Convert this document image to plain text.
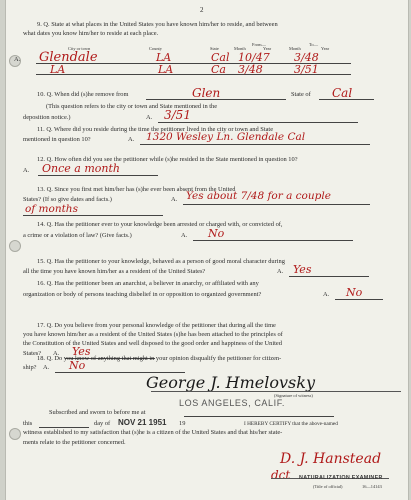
2
9. Q. State at what places in the United States you have known him/her to reside, and between
what dates you know him/her to reside at each place.
City or town	County	State	Month
From—
Year	Month
To—
Year
A. Glendale	LA	Cal 10/47 3/48
LA	LA	Ca 3/48	3/51
10. Q. When did (s)he remove from	Glen	State of Cal
(This question refers to the city or town and State mentioned in the
deposition notice.)	A. 3/51
11. Q. Where did you reside during the time the petitioner lived in the city or town and State
mentioned in question 10?	A. 1320 Wesley Ln. Glendale Cal
12. Q. How often did you see the petitioner while (s)he resided in the State mentioned in question 10?
A. Once a month
13. Q. Since you first met him/her has (s)he ever been absent from the United
States? (If so give dates and facts.)	A. Yes about 7/48 for a couple
of months
14. Q. Has the petitioner ever to your knowledge been arrested or charged with, or convicted of,
a crime or a violation of law? (Give facts.)	A. No
15. Q. Has the petitioner to your knowledge, behaved as a person of good moral character during
all the time you have known him/her as a resident of the United States?	A. Yes
16. Q. Has the petitioner been an anarchist, a believer in anarchy, or affiliated with any
organization or body of persons teaching disbelief in or opposition to organized government?	A. No
17. Q. Do you believe from your personal knowledge of the petitioner that during all the time
you have known him/her as a resident of the United States (s)he has been attached to the principles of
the Constitution of the United States and well disposed to the good order and happiness of the United
States? A. Yes
18. Q. Do you know of anything that might in your opinion disqualify the petitioner for citizen-
ship? A. No
George J. Hmelovsky
(Signature of witness)
LOS ANGELES, CALIF.
Subscribed and sworn to before me at
this	day of NOV 21 1951 19	I HEREBY CERTIFY that the above-named
witness established to my satisfaction that (s)he is a citizen of the United States and that his/her state-
ments relate to the petitioner concerned.
D. J. Hanstead
dct NATURALIZATION EXAMINER
(Title of official)	16—14143
